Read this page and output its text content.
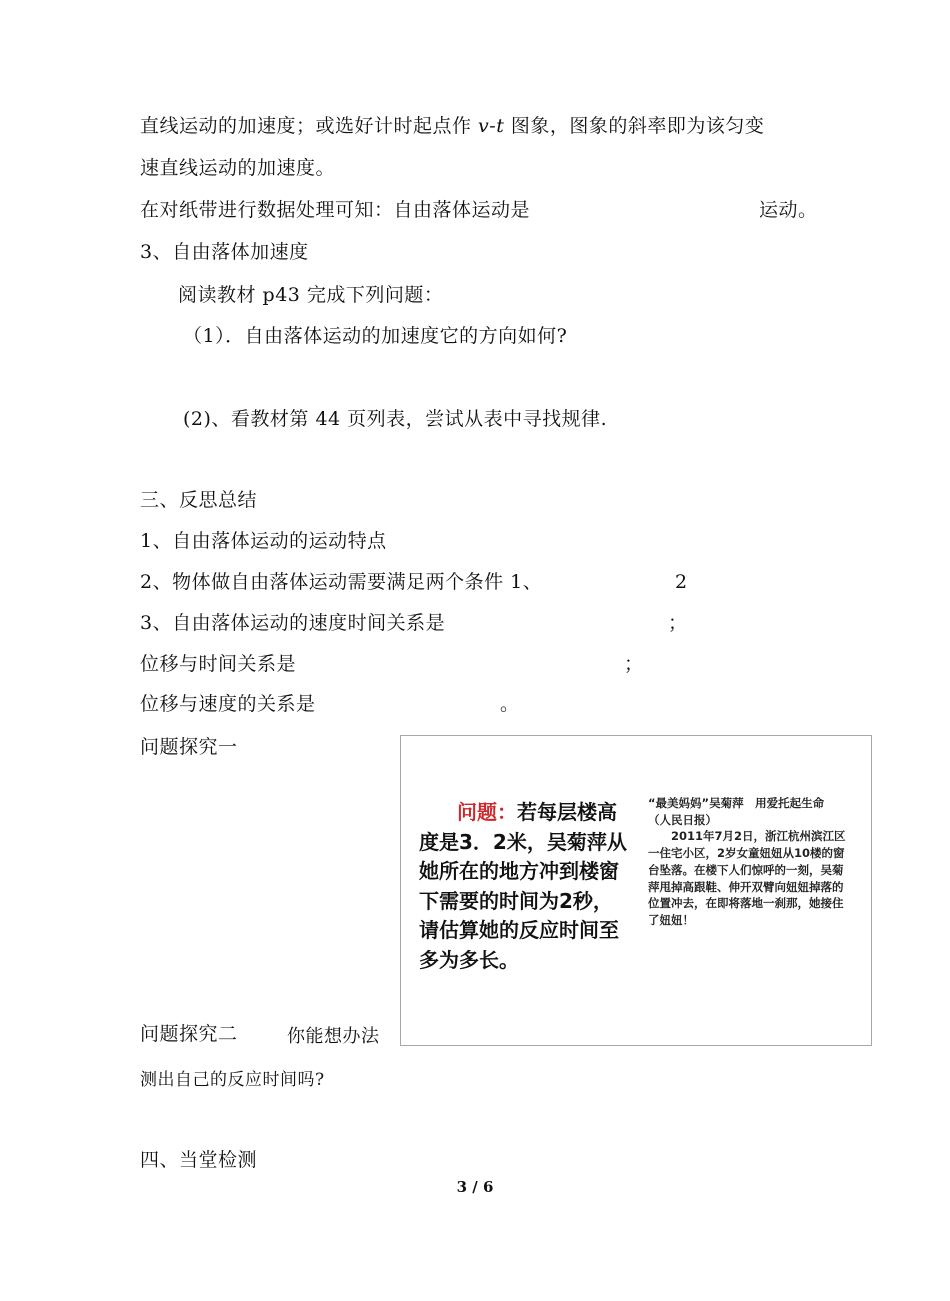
直线运动的加速度；或选好计时起点作 v-t 图象，图象的斜率即为该匀变
速直线运动的加速度。
在对纸带进行数据处理可知：自由落体运动是	运动。
3、自由落体加速度
阅读教材 p43 完成下列问题：
（1）．自由落体运动的加速度它的方向如何?
(2)、看教材第 44 页列表，尝试从表中寻找规律.
三、反思总结
1、自由落体运动的运动特点
2、物体做自由落体运动需要满足两个条件 1、	2
3、自由落体运动的速度时间关系是	；
位移与时间关系是	；
位移与速度的关系是	。
问题探究一
问题：若每层楼高度是3．2米，吴菊萍从她所在的地方冲到楼窗下需要的时间为2秒，请估算她的反应时间至多为多长。
“最美妈妈”吴菊萍　用爱托起生命（人民日报）
　　2011年7月2日，浙江杭州滨江区一住宅小区，2岁女童妞妞从10楼的窗台坠落。在楼下人们惊呼的一刻，吴菊萍甩掉高跟鞋、伸开双臂向妞妞掉落的位置冲去，在即将落地一刹那，她接住了妞妞！
问题探究二	你能想办法
测出自己的反应时间吗?
四、当堂检测
3 / 6
